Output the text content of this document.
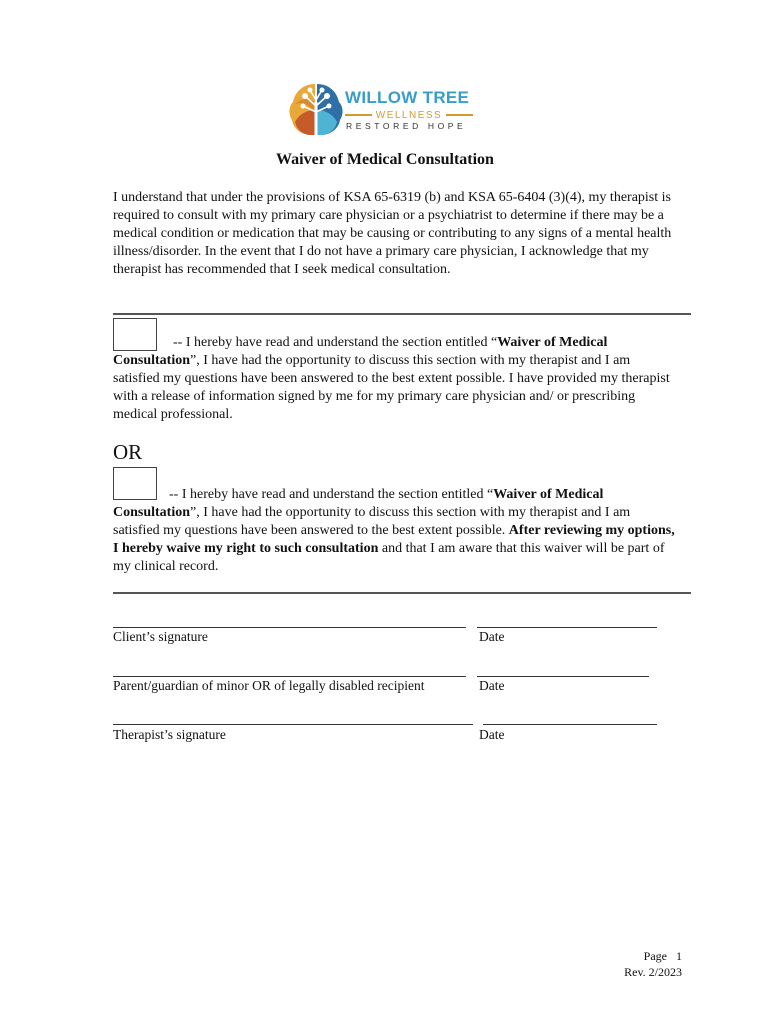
WILLOW TREE
WELLNESS
RESTORED HOPE
Waiver of Medical Consultation
I understand that under the provisions of KSA 65-6319 (b) and KSA 65-6404 (3)(4), my therapist is required to consult with my primary care physician or a psychiatrist to determine if there may be a medical condition or medication that may be causing or contributing to any signs of a mental health illness/disorder. In the event that I do not have a primary care physician, I acknowledge that my therapist has recommended that I seek medical consultation.
-- I hereby have read and understand the section entitled “Waiver of Medical Consultation”, I have had the opportunity to discuss this section with my therapist and I am satisfied my questions have been answered to the best extent possible. I have provided my therapist with a release of information signed by me for my primary care physician and/ or prescribing medical professional.
OR
-- I hereby have read and understand the section entitled “Waiver of Medical Consultation”, I have had the opportunity to discuss this section with my therapist and I am satisfied my questions have been answered to the best extent possible. After reviewing my options, I hereby waive my right to such consultation and that I am aware that this waiver will be part of my clinical record.
Client’s signature	Date
Parent/guardian of minor OR of legally disabled recipient	Date
Therapist’s signature	Date
Page   1
Rev. 2/2023
